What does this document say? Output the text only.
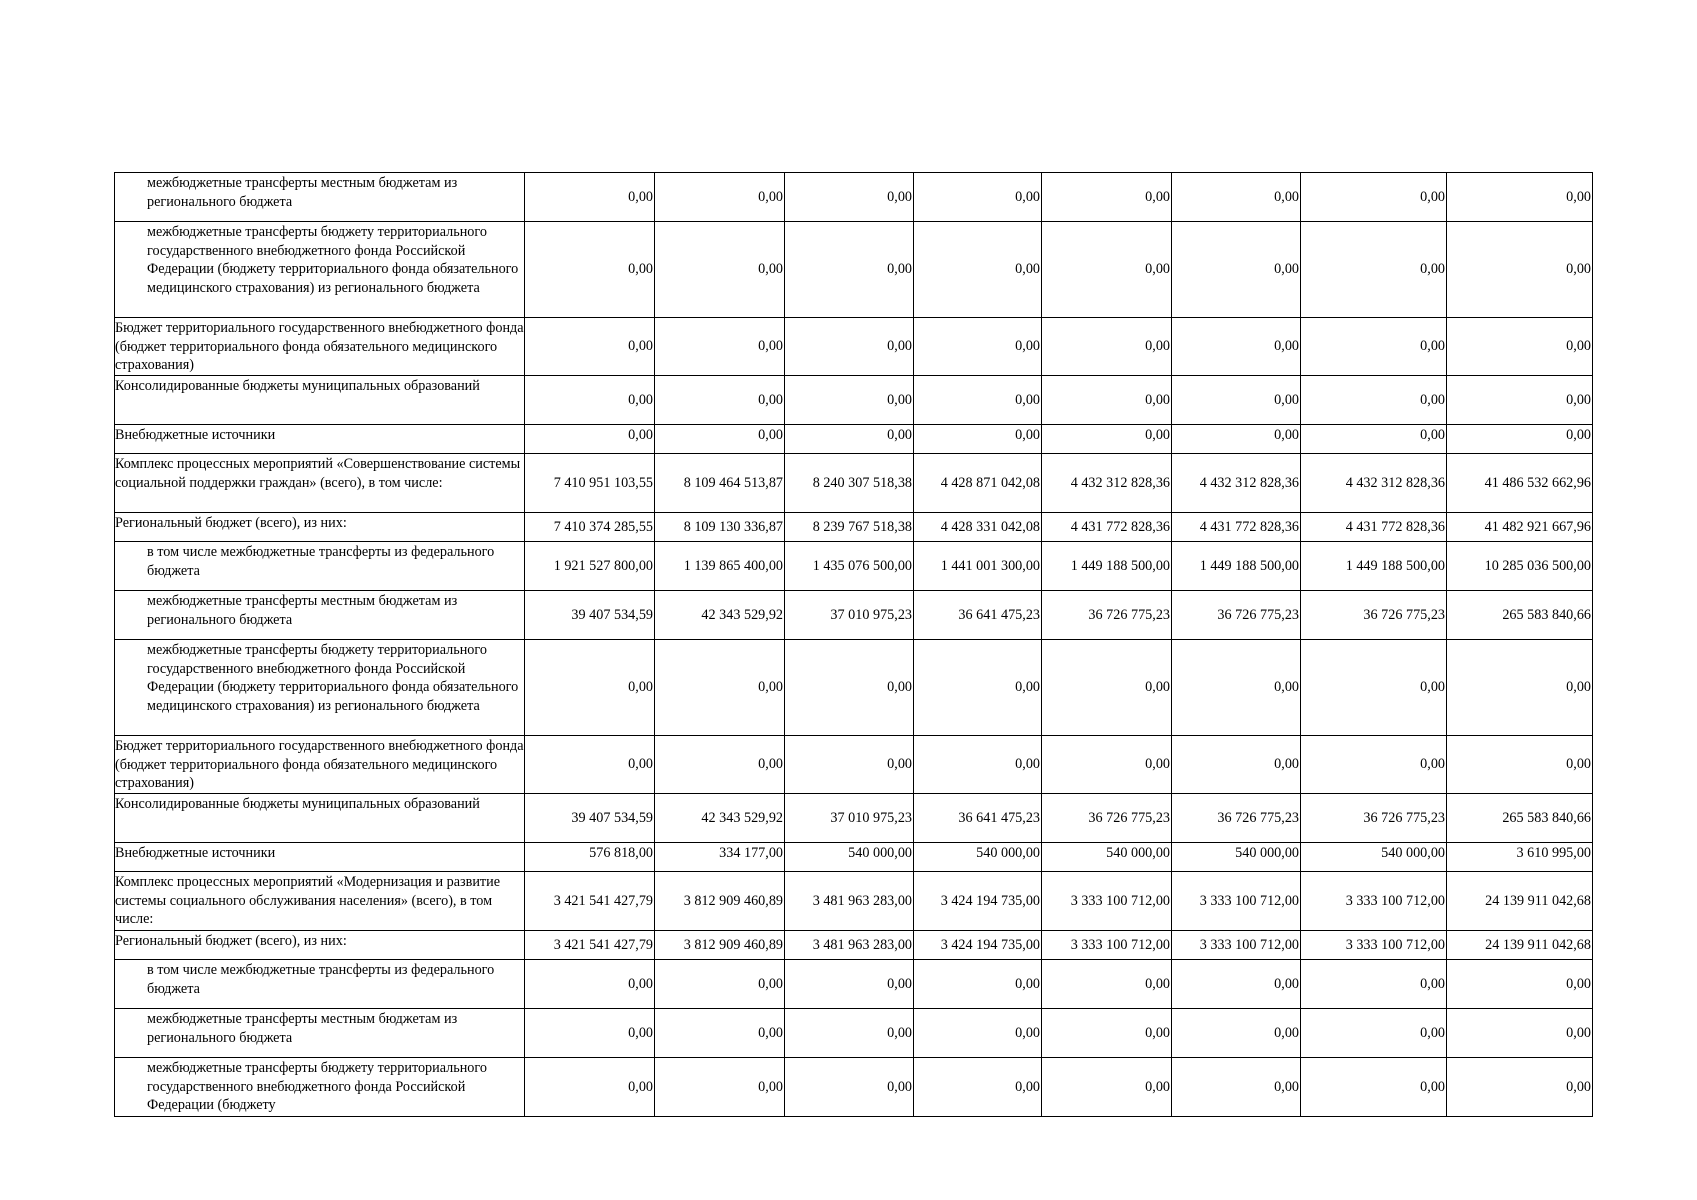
межбюджетные трансферты местным бюджетам из регионального бюджета	0,00	0,00	0,00	0,00	0,00	0,00	0,00	0,00
межбюджетные трансферты бюджету территориального государственного внебюджетного фонда Российской Федерации (бюджету территориального фонда обязательного медицинского страхования) из регионального бюджета	0,00	0,00	0,00	0,00	0,00	0,00	0,00	0,00
Бюджет территориального государственного внебюджетного фонда (бюджет территориального фонда обязательного медицинского страхования)	0,00	0,00	0,00	0,00	0,00	0,00	0,00	0,00
Консолидированные бюджеты муниципальных образований	0,00	0,00	0,00	0,00	0,00	0,00	0,00	0,00
Внебюджетные источники	0,00	0,00	0,00	0,00	0,00	0,00	0,00	0,00
Комплекс процессных мероприятий «Совершенствование системы социальной поддержки граждан» (всего), в том числе:	7 410 951 103,55	8 109 464 513,87	8 240 307 518,38	4 428 871 042,08	4 432 312 828,36	4 432 312 828,36	4 432 312 828,36	41 486 532 662,96
Региональный бюджет (всего), из них:	7 410 374 285,55	8 109 130 336,87	8 239 767 518,38	4 428 331 042,08	4 431 772 828,36	4 431 772 828,36	4 431 772 828,36	41 482 921 667,96
в том числе межбюджетные трансферты из федерального бюджета	1 921 527 800,00	1 139 865 400,00	1 435 076 500,00	1 441 001 300,00	1 449 188 500,00	1 449 188 500,00	1 449 188 500,00	10 285 036 500,00
межбюджетные трансферты местным бюджетам из регионального бюджета	39 407 534,59	42 343 529,92	37 010 975,23	36 641 475,23	36 726 775,23	36 726 775,23	36 726 775,23	265 583 840,66
межбюджетные трансферты бюджету территориального государственного внебюджетного фонда Российской Федерации (бюджету территориального фонда обязательного медицинского страхования) из регионального бюджета	0,00	0,00	0,00	0,00	0,00	0,00	0,00	0,00
Бюджет территориального государственного внебюджетного фонда (бюджет территориального фонда обязательного медицинского страхования)	0,00	0,00	0,00	0,00	0,00	0,00	0,00	0,00
Консолидированные бюджеты муниципальных образований	39 407 534,59	42 343 529,92	37 010 975,23	36 641 475,23	36 726 775,23	36 726 775,23	36 726 775,23	265 583 840,66
Внебюджетные источники	576 818,00	334 177,00	540 000,00	540 000,00	540 000,00	540 000,00	540 000,00	3 610 995,00
Комплекс процессных мероприятий «Модернизация и развитие системы социального обслуживания населения» (всего), в том числе:	3 421 541 427,79	3 812 909 460,89	3 481 963 283,00	3 424 194 735,00	3 333 100 712,00	3 333 100 712,00	3 333 100 712,00	24 139 911 042,68
Региональный бюджет (всего), из них:	3 421 541 427,79	3 812 909 460,89	3 481 963 283,00	3 424 194 735,00	3 333 100 712,00	3 333 100 712,00	3 333 100 712,00	24 139 911 042,68
в том числе межбюджетные трансферты из федерального бюджета	0,00	0,00	0,00	0,00	0,00	0,00	0,00	0,00
межбюджетные трансферты местным бюджетам из регионального бюджета	0,00	0,00	0,00	0,00	0,00	0,00	0,00	0,00
межбюджетные трансферты бюджету территориального государственного внебюджетного фонда Российской Федерации (бюджету	0,00	0,00	0,00	0,00	0,00	0,00	0,00	0,00
